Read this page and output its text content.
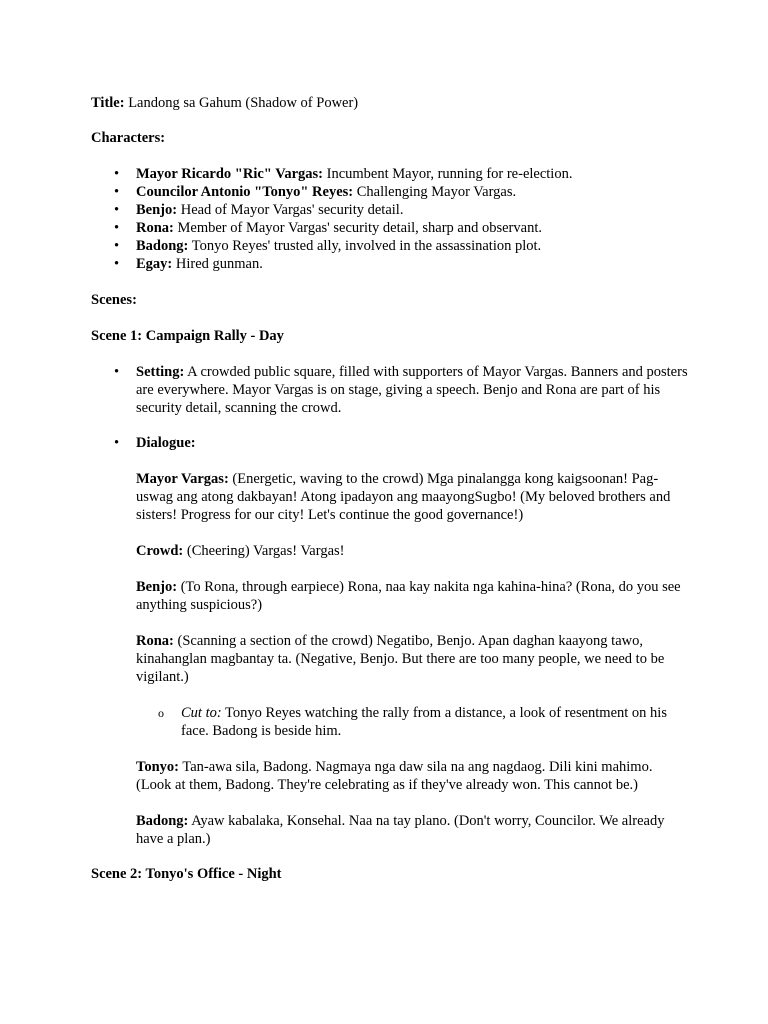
Title: Landong sa Gahum (Shadow of Power)

Characters:

• Mayor Ricardo "Ric" Vargas: Incumbent Mayor, running for re-election.
• Councilor Antonio "Tonyo" Reyes: Challenging Mayor Vargas.
• Benjo: Head of Mayor Vargas' security detail.
• Rona: Member of Mayor Vargas' security detail, sharp and observant.
• Badong: Tonyo Reyes' trusted ally, involved in the assassination plot.
• Egay: Hired gunman.

Scenes:

Scene 1: Campaign Rally - Day

• Setting: A crowded public square, filled with supporters of Mayor Vargas. Banners and posters are everywhere. Mayor Vargas is on stage, giving a speech. Benjo and Rona are part of his security detail, scanning the crowd.

• Dialogue:

Mayor Vargas: (Energetic, waving to the crowd) Mga pinalangga kong kaigsoonan! Pag-uswag ang atong dakbayan! Atong ipadayon ang maayongSugbo! (My beloved brothers and sisters! Progress for our city! Let's continue the good governance!)

Crowd: (Cheering) Vargas! Vargas!

Benjo: (To Rona, through earpiece) Rona, naa kay nakita nga kahina-hina? (Rona, do you see anything suspicious?)

Rona: (Scanning a section of the crowd) Negatibo, Benjo. Apan daghan kaayong tawo, kinahanglan magbantay ta. (Negative, Benjo. But there are too many people, we need to be vigilant.)

o Cut to: Tonyo Reyes watching the rally from a distance, a look of resentment on his face. Badong is beside him.

Tonyo: Tan-awa sila, Badong. Nagmaya nga daw sila na ang nagdaog. Dili kini mahimo. (Look at them, Badong. They're celebrating as if they've already won. This cannot be.)

Badong: Ayaw kabalaka, Konsehal. Naa na tay plano. (Don't worry, Councilor. We already have a plan.)

Scene 2: Tonyo's Office - Night
